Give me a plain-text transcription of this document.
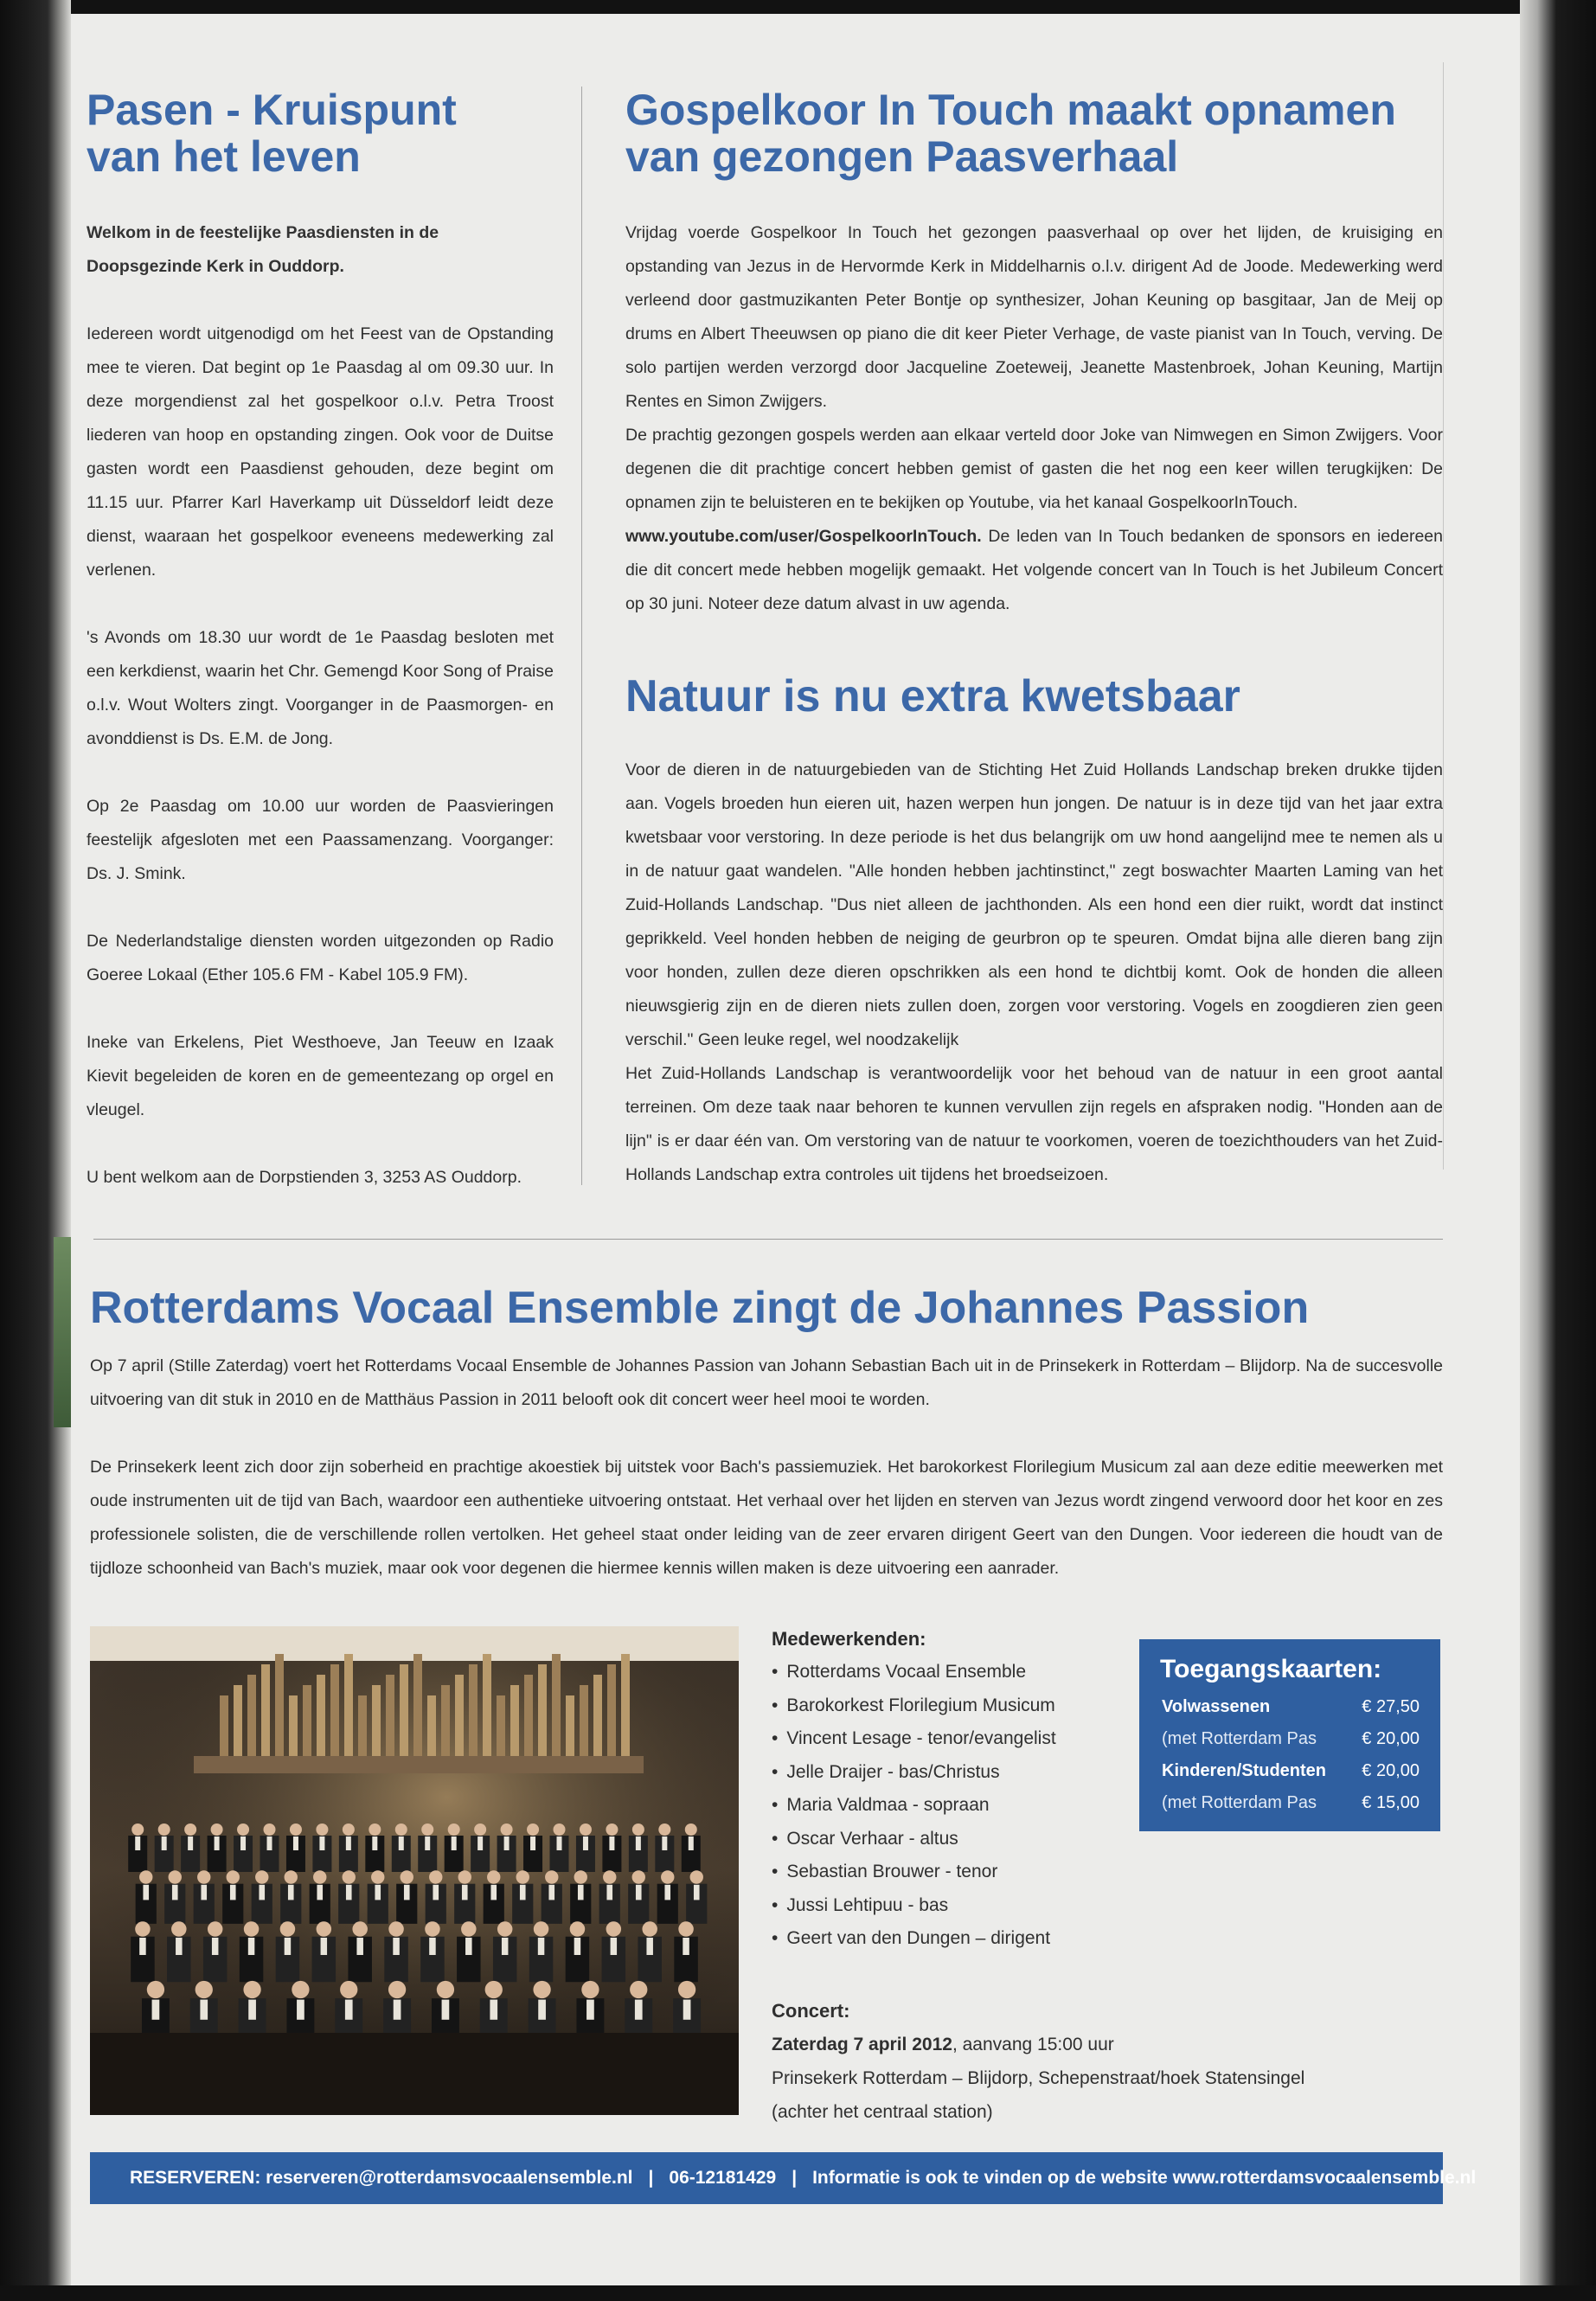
Pasen - Kruispunt
van het leven
Welkom in de feestelijke Paasdiensten in de
Doopsgezinde Kerk in Ouddorp.

Iedereen wordt uitgenodigd om het Feest van de Opstanding mee te vieren. Dat begint op 1e Paasdag al om 09.30 uur. In deze morgendienst zal het gospelkoor o.l.v. Petra Troost liederen van hoop en opstanding zingen. Ook voor de Duitse gasten wordt een Paasdienst gehouden, deze begint om 11.15 uur. Pfarrer Karl Haverkamp uit Düsseldorf leidt deze dienst, waaraan het gospelkoor eveneens medewerking zal verlenen.

's Avonds om 18.30 uur wordt de 1e Paasdag besloten met een kerkdienst, waarin het Chr. Gemengd Koor Song of Praise o.l.v. Wout Wolters zingt. Voorganger in de Paasmorgen- en avonddienst is Ds. E.M. de Jong.

Op 2e Paasdag om 10.00 uur worden de Paasvieringen feestelijk afgesloten met een Paassamenzang. Voorganger: Ds. J. Smink.

De Nederlandstalige diensten worden uitgezonden op Radio Goeree Lokaal (Ether 105.6 FM - Kabel 105.9 FM).

Ineke van Erkelens, Piet Westhoeve, Jan Teeuw en Izaak Kievit begeleiden de koren en de gemeentezang op orgel en vleugel.

U bent welkom aan de Dorpstienden 3, 3253 AS Ouddorp.

Gospelkoor In Touch maakt opnamen
van gezongen Paasverhaal

Vrijdag voerde Gospelkoor In Touch het gezongen paasverhaal op over het lijden, de kruisiging en opstanding van Jezus in de Hervormde Kerk in Middelharnis o.l.v. dirigent Ad de Joode. Medewerking werd verleend door gastmuzikanten Peter Bontje op synthesizer, Johan Keuning op basgitaar, Jan de Meij op drums en Albert Theeuwsen op piano die dit keer Pieter Verhage, de vaste pianist van In Touch, verving. De solo partijen werden verzorgd door Jacqueline Zoeteweij, Jeanette Mastenbroek, Johan Keuning, Martijn Rentes en Simon Zwijgers.

De prachtig gezongen gospels werden aan elkaar verteld door Joke van Nimwegen en Simon Zwijgers. Voor degenen die dit prachtige concert hebben gemist of gasten die het nog een keer willen terugkijken: De opnamen zijn te beluisteren en te bekijken op Youtube, via het kanaal GospelkoorInTouch.

www.youtube.com/user/GospelkoorInTouch. De leden van In Touch bedanken de sponsors en iedereen die dit concert mede hebben mogelijk gemaakt. Het volgende concert van In Touch is het Jubileum Concert op 30 juni. Noteer deze datum alvast in uw agenda.

Natuur is nu extra kwetsbaar

Voor de dieren in de natuurgebieden van de Stichting Het Zuid Hollands Landschap breken drukke tijden aan. Vogels broeden hun eieren uit, hazen werpen hun jongen. De natuur is in deze tijd van het jaar extra kwetsbaar voor verstoring. In deze periode is het dus belangrijk om uw hond aangelijnd mee te nemen als u in de natuur gaat wandelen. "Alle honden hebben jachtinstinct," zegt boswachter Maarten Laming van het Zuid-Hollands Landschap. "Dus niet alleen de jachthonden. Als een hond een dier ruikt, wordt dat instinct geprikkeld. Veel honden hebben de neiging de geurbron op te speuren. Omdat bijna alle dieren bang zijn voor honden, zullen deze dieren opschrikken als een hond te dichtbij komt. Ook de honden die alleen nieuwsgierig zijn en de dieren niets zullen doen, zorgen voor verstoring. Vogels en zoogdieren zien geen verschil." Geen leuke regel, wel noodzakelijk

Het Zuid-Hollands Landschap is verantwoordelijk voor het behoud van de natuur in een groot aantal terreinen. Om deze taak naar behoren te kunnen vervullen zijn regels en afspraken nodig. "Honden aan de lijn" is er daar één van. Om verstoring van de natuur te voorkomen, voeren de toezichthouders van het Zuid-Hollands Landschap extra controles uit tijdens het broedseizoen.

Rotterdams Vocaal Ensemble zingt de Johannes Passion

Op 7 april (Stille Zaterdag) voert het Rotterdams Vocaal Ensemble de Johannes Passion van Johann Sebastian Bach uit in de Prinsekerk in Rotterdam – Blijdorp. Na de succesvolle uitvoering van dit stuk in 2010 en de Matthäus Passion in 2011 belooft ook dit concert weer heel mooi te worden.

De Prinsekerk leent zich door zijn soberheid en prachtige akoestiek bij uitstek voor Bach's passiemuziek. Het barokorkest Florilegium Musicum zal aan deze editie meewerken met oude instrumenten uit de tijd van Bach, waardoor een authentieke uitvoering ontstaat. Het verhaal over het lijden en sterven van Jezus wordt zingend verwoord door het koor en zes professionele solisten, die de verschillende rollen vertolken. Het geheel staat onder leiding van de zeer ervaren dirigent Geert van den Dungen. Voor iedereen die houdt van de tijdloze schoonheid van Bach's muziek, maar ook voor degenen die hiermee kennis willen maken is deze uitvoering een aanrader.

Medewerkenden:

• Rotterdams Vocaal Ensemble
• Barokorkest Florilegium Musicum
• Vincent Lesage - tenor/evangelist
• Jelle Draijer - bas/Christus
• Maria Valdmaa - sopraan
• Oscar Verhaar - altus
• Sebastian Brouwer - tenor
• Jussi Lehtipuu - bas
• Geert van den Dungen – dirigent

Concert:

Zaterdag 7 april 2012, aanvang 15:00 uur

Prinsekerk Rotterdam – Blijdorp, Schepenstraat/hoek Statensingel

(achter het centraal station)

Toegangskaarten:
Volwassenen	€ 27,50
(met Rotterdam Pas	€ 20,00
Kinderen/Studenten € 20,00
(met Rotterdam Pas	€ 15,00
RESERVEREN: reserveren@rotterdamsvocaalensemble.nl | 06-12181429 | Informatie is ook te vinden op de website www.rotterdamsvocaalensemble.nl
